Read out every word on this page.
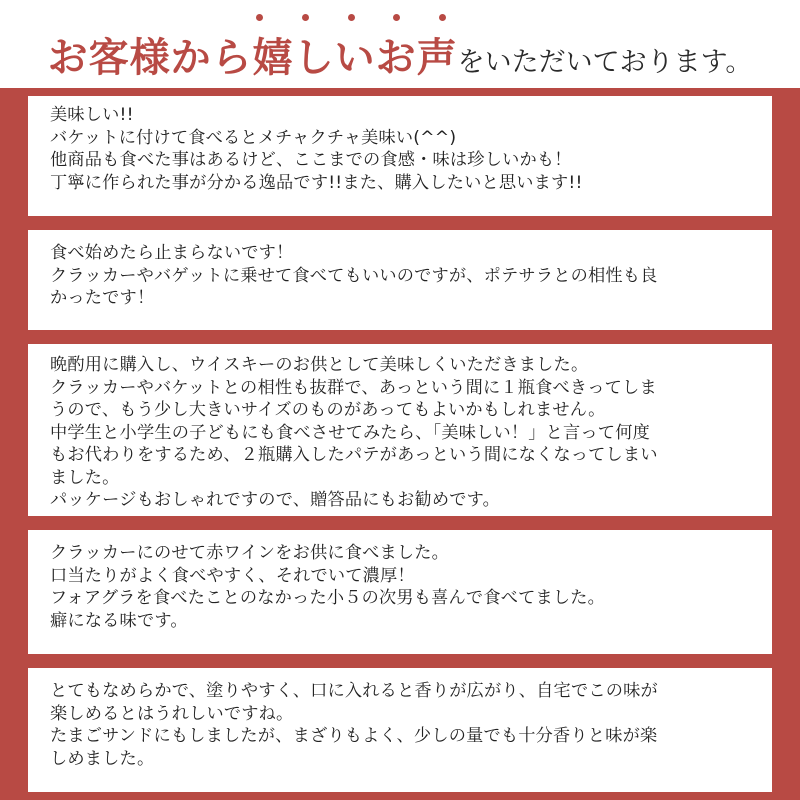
お客様から嬉しいお声をいただいております。
美味しい!!
バケットに付けて食べるとメチャクチャ美味い(^^)
他商品も食べた事はあるけど、ここまでの食感・味は珍しいかも！
丁寧に作られた事が分かる逸品です!!また、購入したいと思います!!
食べ始めたら止まらないです！
クラッカーやバゲットに乗せて食べてもいいのですが、ポテサラとの相性も良
かったです！
晩酌用に購入し、ウイスキーのお供として美味しくいただきました。
クラッカーやバケットとの相性も抜群で、あっという間に１瓶食べきってしま
うので、もう少し大きいサイズのものがあってもよいかもしれません。
中学生と小学生の子どもにも食べさせてみたら、「美味しい！」と言って何度
もお代わりをするため、２瓶購入したパテがあっという間になくなってしまい
ました。
パッケージもおしゃれですので、贈答品にもお勧めです。
クラッカーにのせて赤ワインをお供に食べました。
口当たりがよく食べやすく、それでいて濃厚！
フォアグラを食べたことのなかった小５の次男も喜んで食べてました。
癖になる味です。
とてもなめらかで、塗りやすく、口に入れると香りが広がり、自宅でこの味が
楽しめるとはうれしいですね。
たまごサンドにもしましたが、まざりもよく、少しの量でも十分香りと味が楽
しめました。
